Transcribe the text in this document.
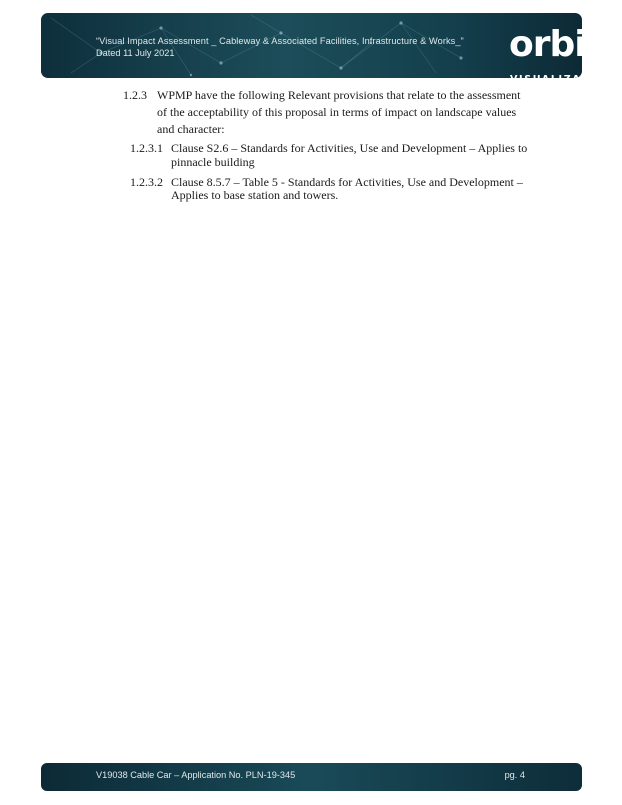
“Visual Impact Assessment _ Cableway & Associated Facilities, Infrastructure & Works_”
Dated 11 July 2021	orbit
VISUALIZATION
1.2.3 WPMP have the following Relevant provisions that relate to the assessment
of the acceptability of this proposal in terms of impact on landscape values
and character:
1.2.3.1 Clause S2.6 – Standards for Activities, Use and Development – Applies to
pinnacle building
1.2.3.2 Clause 8.5.7 – Table 5 - Standards for Activities, Use and Development –
Applies to base station and towers.
V19038 Cable Car – Application No. PLN-19-345	pg. 4
